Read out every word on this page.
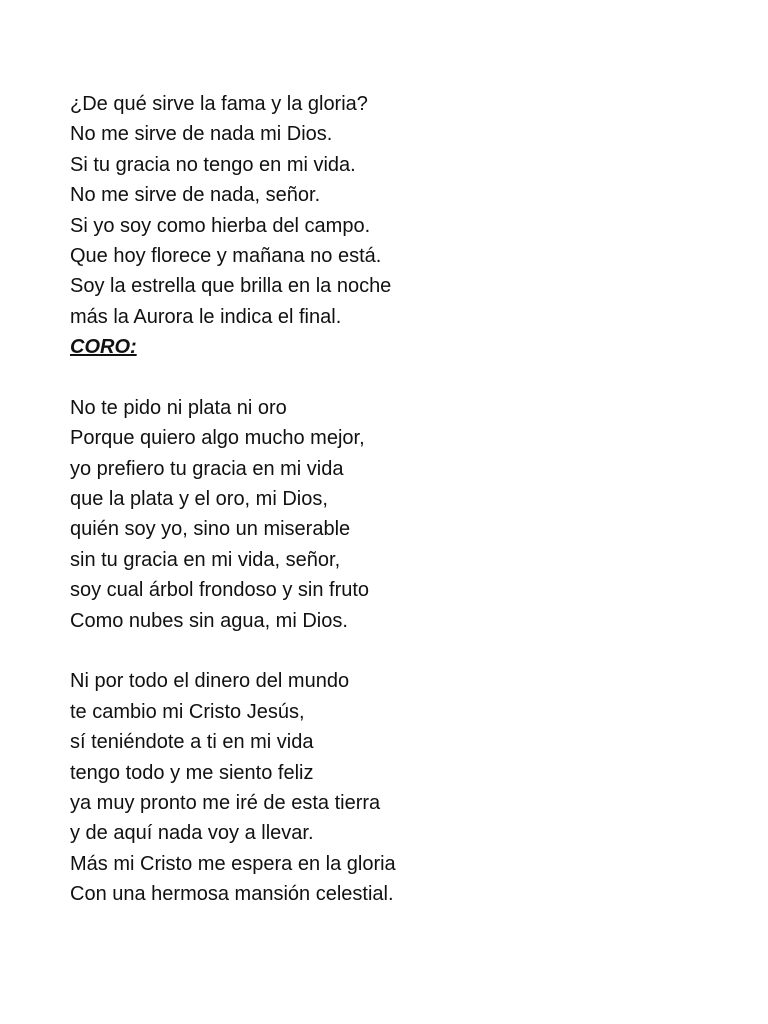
¿De qué sirve la fama y la gloria?
No me sirve de nada mi Dios.
Si tu gracia no tengo en mi vida.
No me sirve de nada, señor.
Si yo soy como hierba del campo.
Que hoy florece y mañana no está.
Soy la estrella que brilla en la noche
más la Aurora le indica el final.
CORO:
No te pido ni plata ni oro
Porque quiero algo mucho mejor,
yo prefiero tu gracia en mi vida
que la plata y el oro, mi Dios,
quién soy yo, sino un miserable
sin tu gracia en mi vida, señor,
soy cual árbol frondoso y sin fruto
Como nubes sin agua, mi Dios.
Ni por todo el dinero del mundo
te cambio mi Cristo Jesús,
sí teniéndote a ti en mi vida
tengo todo y me siento feliz
ya muy pronto me iré de esta tierra
y de aquí nada voy a llevar.
Más mi Cristo me espera en la gloria
Con una hermosa mansión celestial.
